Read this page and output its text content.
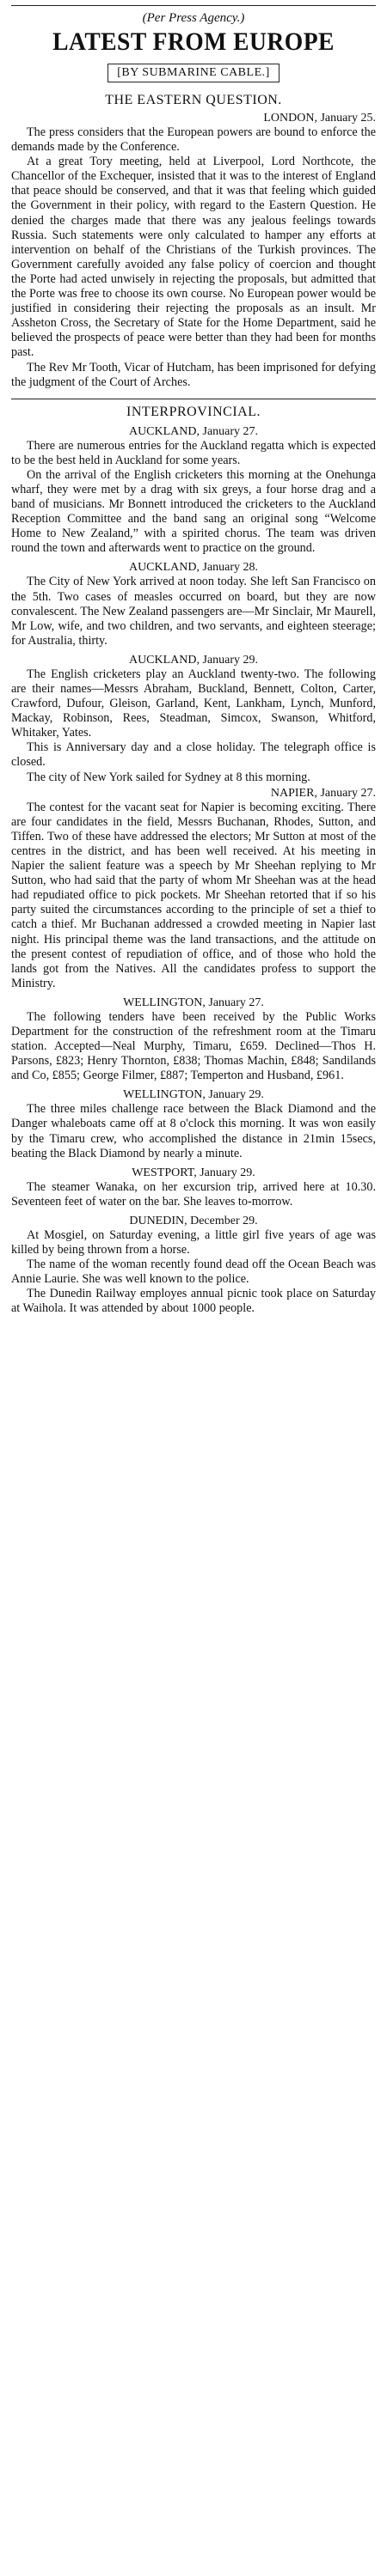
(Per Press Agency.)
LATEST FROM EUROPE
[BY SUBMARINE CABLE.]
THE EASTERN QUESTION.
LONDON, January 25.

The press considers that the European powers are bound to enforce the demands made by the Conference.

At a great Tory meeting, held at Liverpool, Lord Northcote, the Chancellor of the Exchequer, insisted that it was to the interest of England that peace should be conserved, and that it was that feeling which guided the Government in their policy, with regard to the Eastern Question. He denied the charges made that there was any jealous feelings towards Russia. Such statements were only calculated to hamper any efforts at intervention on behalf of the Christians of the Turkish provinces. The Government carefully avoided any false policy of coercion and thought the Porte had acted unwisely in rejecting the proposals, but admitted that the Porte was free to choose its own course. No European power would be justified in considering their rejecting the proposals as an insult. Mr Assheton Cross, the Secretary of State for the Home Department, said he believed the prospects of peace were better than they had been for months past.

The Rev Mr Tooth, Vicar of Hutcham, has been imprisoned for defying the judgment of the Court of Arches.

INTERPROVINCIAL.
AUCKLAND, January 27.

There are numerous entries for the Auckland regatta which is expected to be the best held in Auckland for some years.

On the arrival of the English cricketers this morning at the Onehunga wharf, they were met by a drag with six greys, a four horse drag and a band of musicians. Mr Bonnett introduced the cricketers to the Auckland Reception Committee and the band sang an original song “Welcome Home to New Zealand,” with a spirited chorus. The team was driven round the town and afterwards went to practice on the ground.

AUCKLAND, January 28.

The City of New York arrived at noon today. She left San Francisco on the 5th. Two cases of measles occurred on board, but they are now convalescent. The New Zealand passengers are—Mr Sinclair, Mr Maurell, Mr Low, wife, and two children, and two servants, and eighteen steerage; for Australia, thirty.

AUCKLAND, January 29.

The English cricketers play an Auckland twenty-two. The following are their names—Messrs Abraham, Buckland, Bennett, Colton, Carter, Crawford, Dufour, Gleison, Garland, Kent, Lankham, Lynch, Munford, Mackay, Robinson, Rees, Steadman, Simcox, Swanson, Whitford, Whitaker, Yates.

This is Anniversary day and a close holiday. The telegraph office is closed.

The city of New York sailed for Sydney at 8 this morning.

NAPIER, January 27.

The contest for the vacant seat for Napier is becoming exciting. There are four candidates in the field, Messrs Buchanan, Rhodes, Sutton, and Tiffen. Two of these have addressed the electors; Mr Sutton at most of the centres in the district, and has been well received. At his meeting in Napier the salient feature was a speech by Mr Sheehan replying to Mr Sutton, who had said that the party of whom Mr Sheehan was at the head had repudiated office to pick pockets. Mr Sheehan retorted that if so his party suited the circumstances according to the principle of set a thief to catch a thief. Mr Buchanan addressed a crowded meeting in Napier last night. His principal theme was the land transactions, and the attitude on the present contest of repudiation of office, and of those who hold the lands got from the Natives. All the candidates profess to support the Ministry.

WELLINGTON, January 27.

The following tenders have been received by the Public Works Department for the construction of the refreshment room at the Timaru station. Accepted—Neal Murphy, Timaru, £659. Declined—Thos H. Parsons, £823; Henry Thornton, £838; Thomas Machin, £848; Sandilands and Co, £855; George Filmer, £887; Temperton and Husband, £961.

WELLINGTON, January 29.

The three miles challenge race between the Black Diamond and the Danger whaleboats came off at 8 o'clock this morning. It was won easily by the Timaru crew, who accomplished the distance in 21min 15secs, beating the Black Diamond by nearly a minute.

WESTPORT, January 29.

The steamer Wanaka, on her excursion trip, arrived here at 10.30. Seventeen feet of water on the bar. She leaves to-morrow.

DUNEDIN, December 29.

At Mosgiel, on Saturday evening, a little girl five years of age was killed by being thrown from a horse.

The name of the woman recently found dead off the Ocean Beach was Annie Laurie. She was well known to the police.

The Dunedin Railway employes annual picnic took place on Saturday at Waihola. It was attended by about 1000 people.
